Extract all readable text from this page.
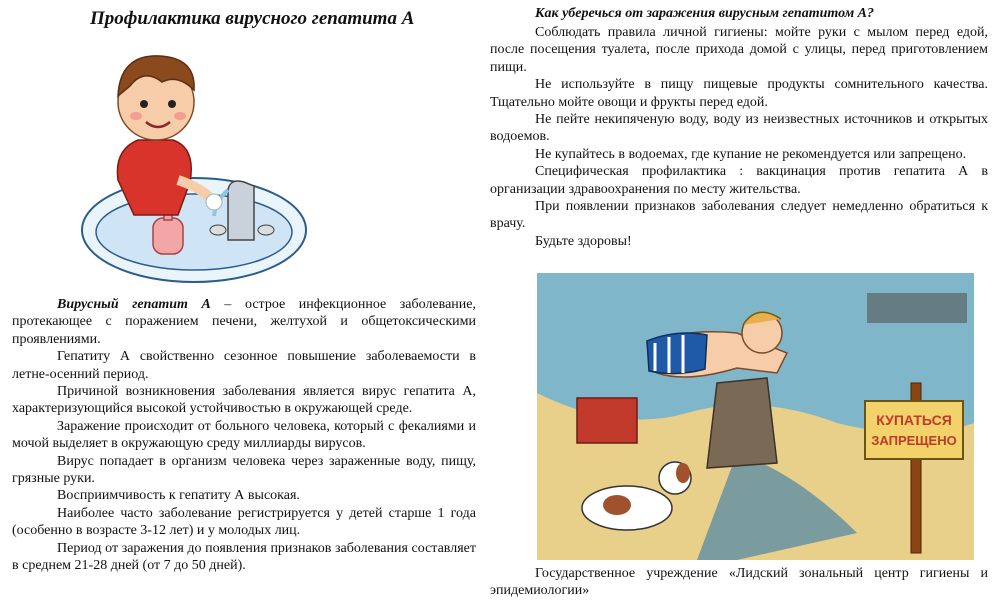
Профилактика вирусного гепатита А

Вирусный гепатит А – острое инфекционное заболевание, протекающее с поражением печени, желтухой и общетоксическими проявлениями.

Гепатиту А свойственно сезонное повышение заболеваемости в летне-осенний период.

Причиной возникновения заболевания является вирус гепатита А, характеризующийся высокой устойчивостью в окружающей среде.

Заражение происходит от больного человека, который с фекалиями и мочой выделяет в окружающую среду миллиарды вирусов.

Вирус попадает в организм человека через зараженные воду, пищу, грязные руки.

Восприимчивость к гепатиту А высокая.

Наиболее часто заболевание регистрируется у детей старше 1 года (особенно в возрасте 3-12 лет) и у молодых лиц.

Период от заражения до появления признаков заболевания составляет в среднем 21-28 дней (от 7 до 50 дней).

Как уберечься от заражения вирусным гепатитом А?

Соблюдать правила личной гигиены: мойте руки с мылом перед едой, после посещения туалета, после прихода домой с улицы, перед приготовлением пищи.

Не используйте в пищу пищевые продукты сомнительного качества. Тщательно мойте овощи и фрукты перед едой.

Не пейте некипяченую воду, воду из неизвестных источников и открытых водоемов.

Не купайтесь в водоемах, где купание не рекомендуется или запрещено.

Специфическая профилактика : вакцинация против гепатита А в организации здравоохранения по месту жительства.

При появлении признаков заболевания следует немедленно обратиться к врачу.

Будьте здоровы!

КУПАТЬСЯ
ЗАПРЕЩЕНО

Государственное учреждение «Лидский зональный центр гигиены и эпидемиологии»
